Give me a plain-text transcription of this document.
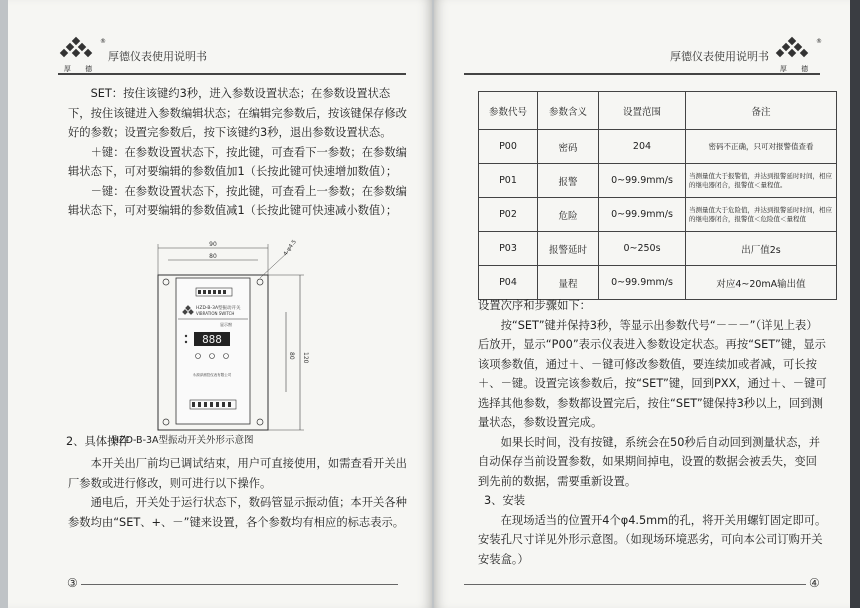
®
厚 德
厚德仪表使用说明书

SET：按住该键约3秒，进入参数设置状态；在参数设置状态下，按住该键进入参数编辑状态；在编辑完参数后，按该键保存修改好的参数；设置完参数后，按下该键约3秒，退出参数设置状态。

＋键：在参数设置状态下，按此键，可查看下一参数；在参数编辑状态下，可对要编辑的参数值加1（长按此键可快速增加数值）；

－键：在参数设置状态下，按此键，可查看上一参数；在参数编辑状态下，可对要编辑的参数值减1（长按此键可快速减小数值）；

90
80	4-φ4.5
HZD-B-3A型振动开关
VIBRATION SWITCH
显示窗
888
永源泽测控仪表有限公司
120
80
HZD-B-3A型振动开关外形示意图

2、具体操作

本开关出厂前均已调试结束，用户可直接使用，如需查看开关出厂参数或进行修改，则可进行以下操作。

通电后，开关处于运行状态下，数码管显示振动值；本开关各种参数均由“SET、+、－”键来设置，各个参数均有相应的标志表示。

③
厚德仪表使用说明书
®
厚 德
参数代号	参数含义	设置范围	备注
P00	密码	204	密码不正确，只可对报警值查看
P01	报警	0~99.9mm/s	当测量值大于报警值，并达到报警延时时间，相应的继电器闭合，报警值＜量程值。
P02	危险	0~99.9mm/s	当测量值大于危险值，并达到报警延时时间，相应的继电器闭合，报警值＜危险值＜量程值
P03	报警延时	0~250s	出厂值2s
P04	量程	0~99.9mm/s	对应4~20mA输出值

设置次序和步骤如下：

按“SET”键并保持3秒，等显示出参数代号“－－－”（详见上表）后放开，显示“P00”表示仪表进入参数设定状态。再按“SET”键，显示该项参数值，通过＋、－键可修改参数值，要连续加或者减，可长按＋、－键。设置完该参数后，按“SET”键，回到PXX，通过＋、－键可选择其他参数，参数都设置完后，按住“SET”键保持3秒以上，回到测量状态，参数设置完成。

如果长时间，没有按键，系统会在50秒后自动回到测量状态，并自动保存当前设置参数，如果期间掉电，设置的数据会被丢失，变回到先前的数据，需要重新设置。

3、安装

在现场适当的位置开4个φ4.5mm的孔，将开关用螺钉固定即可。安装孔尺寸详见外形示意图。（如现场环境恶劣，可向本公司订购开关安装盒。）

④
